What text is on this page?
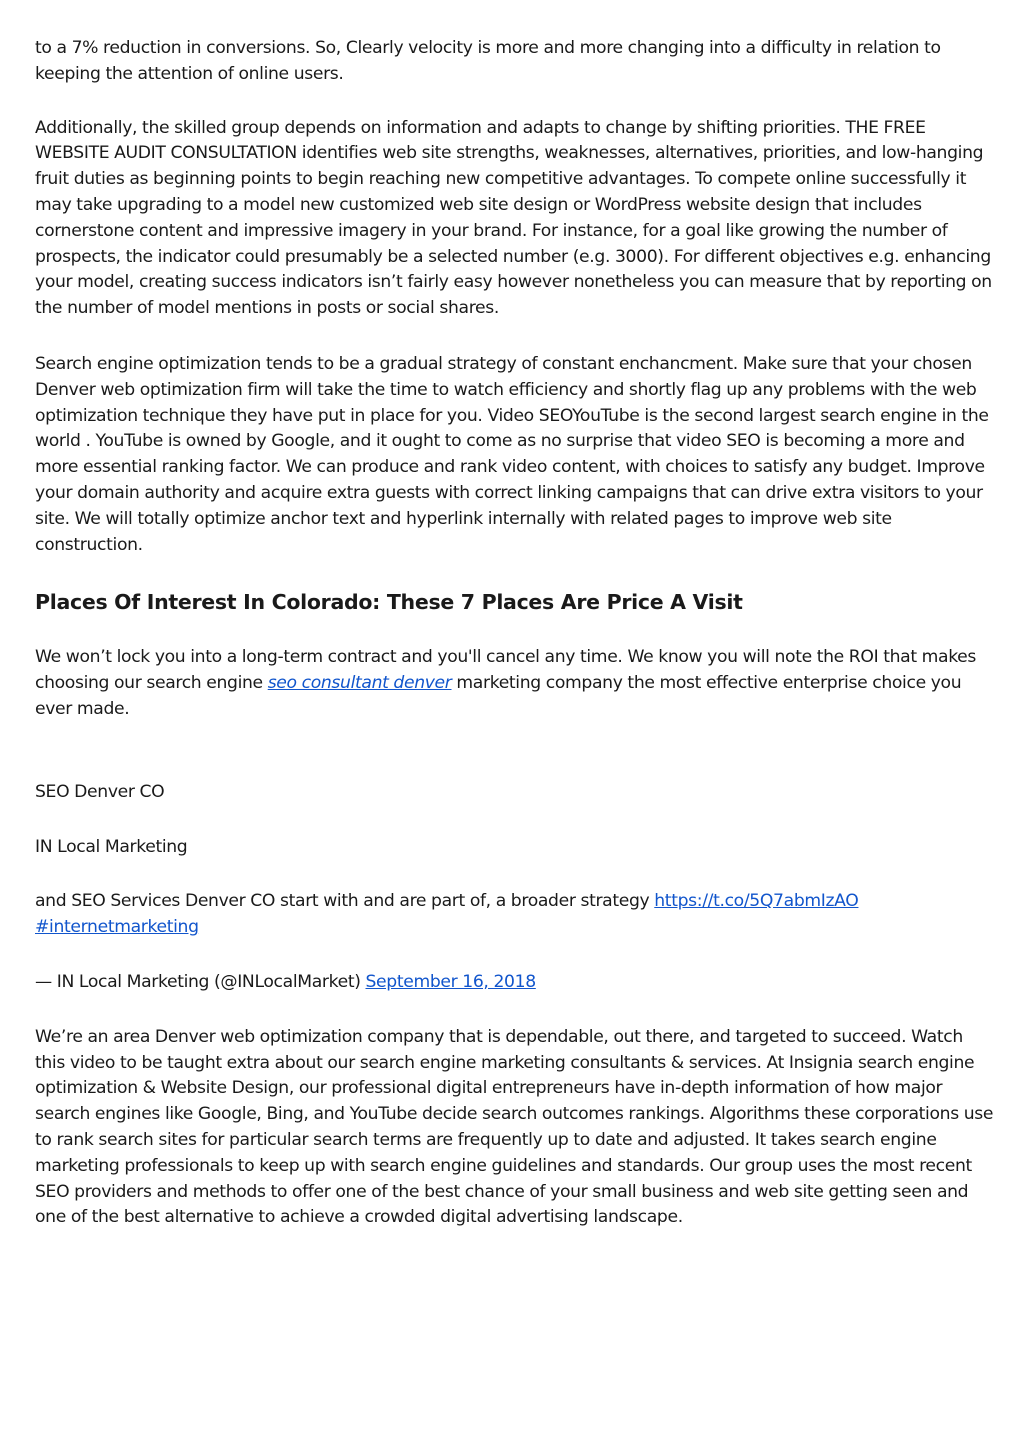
to a 7% reduction in conversions. So, Clearly velocity is more and more changing into a difficulty in relation to keeping the attention of online users.

Additionally, the skilled group depends on information and adapts to change by shifting priorities. THE FREE WEBSITE AUDIT CONSULTATION identifies web site strengths, weaknesses, alternatives, priorities, and low-hanging fruit duties as beginning points to begin reaching new competitive advantages. To compete online successfully it may take upgrading to a model new customized web site design or WordPress website design that includes cornerstone content and impressive imagery in your brand. For instance, for a goal like growing the number of prospects, the indicator could presumably be a selected number (e.g. 3000). For different objectives e.g. enhancing your model, creating success indicators isn’t fairly easy however nonetheless you can measure that by reporting on the number of model mentions in posts or social shares.

Search engine optimization tends to be a gradual strategy of constant enchancment. Make sure that your chosen Denver web optimization firm will take the time to watch efficiency and shortly flag up any problems with the web optimization technique they have put in place for you. Video SEOYouTube is the second largest search engine in the world . YouTube is owned by Google, and it ought to come as no surprise that video SEO is becoming a more and more essential ranking factor. We can produce and rank video content, with choices to satisfy any budget. Improve your domain authority and acquire extra guests with correct linking campaigns that can drive extra visitors to your site. We will totally optimize anchor text and hyperlink internally with related pages to improve web site construction.

Places Of Interest In Colorado: These 7 Places Are Price A Visit

We won’t lock you into a long-term contract and you'll cancel any time. We know you will note the ROI that makes choosing our search engine seo consultant denver marketing company the most effective enterprise choice you ever made.

SEO Denver CO

IN Local Marketing

and SEO Services Denver CO start with and are part of, a broader strategy https://t.co/5Q7abmIzAO
#internetmarketing

— IN Local Marketing (@INLocalMarket) September 16, 2018

We’re an area Denver web optimization company that is dependable, out there, and targeted to succeed. Watch this video to be taught extra about our search engine marketing consultants & services. At Insignia search engine optimization & Website Design, our professional digital entrepreneurs have in-depth information of how major search engines like Google, Bing, and YouTube decide search outcomes rankings. Algorithms these corporations use to rank search sites for particular search terms are frequently up to date and adjusted. It takes search engine marketing professionals to keep up with search engine guidelines and standards. Our group uses the most recent SEO providers and methods to offer one of the best chance of your small business and web site getting seen and one of the best alternative to achieve a crowded digital advertising landscape.
